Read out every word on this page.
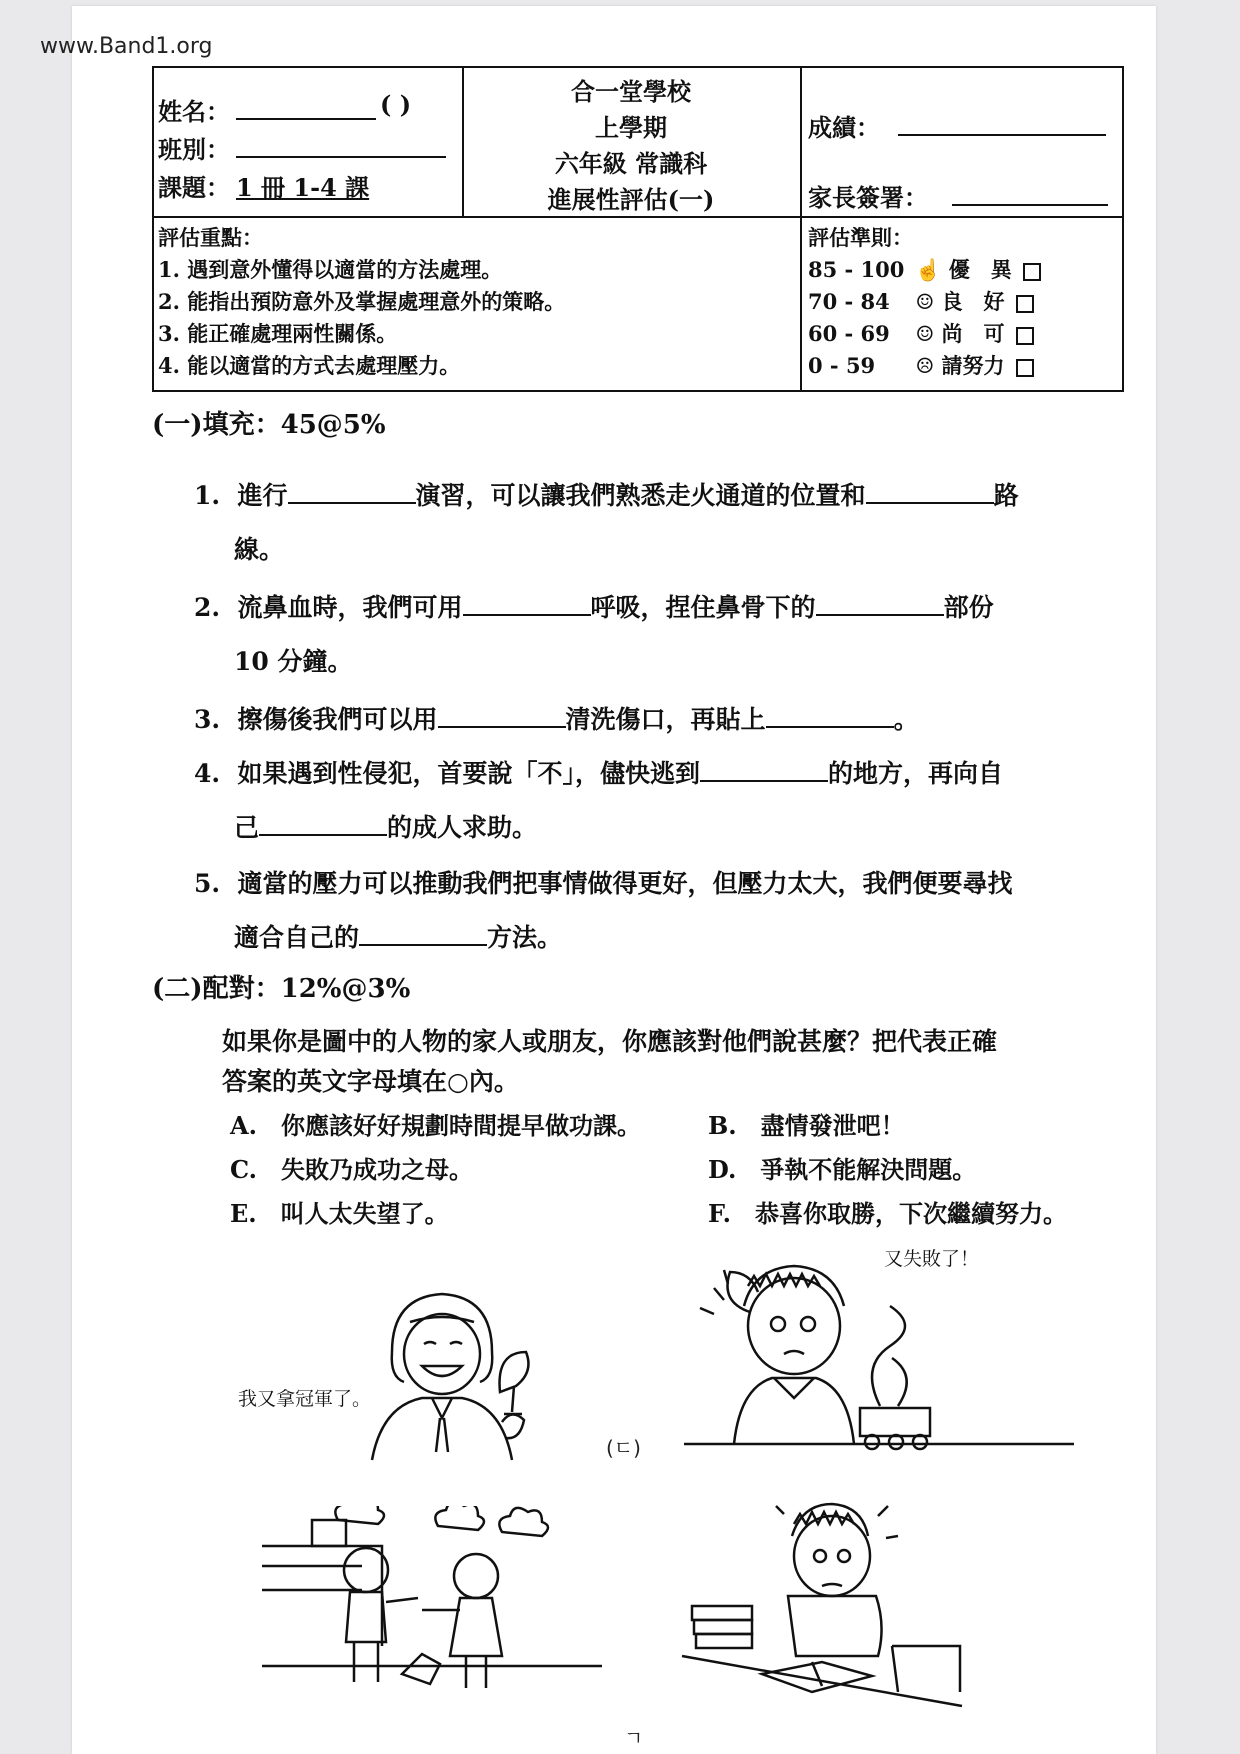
www.Band1.org
姓名：	( )
班別：
課題： 1 冊 1-4 課
合一堂學校
上學期
六年級 常識科
進展性評估(一)
成績：
家長簽署：
評估重點：
1. 遇到意外懂得以適當的方法處理。
2. 能指出預防意外及掌握處理意外的策略。
3. 能正確處理兩性關係。
4. 能以適當的方式去處理壓力。
評估準則：
85 - 100 ☝ 優　異
70 - 84 ☺ 良　好
60 - 69 ☺ 尚　可
0 - 59 ☹ 請努力
(一)填充：45@5%
1. 進行	演習，可以讓我們熟悉走火通道的位置和	路
線。
2. 流鼻血時，我們可用	呼吸，捏住鼻骨下的	部份
10 分鐘。
3. 擦傷後我們可以用	清洗傷口，再貼上	。
4. 如果遇到性侵犯，首要說「不」，儘快逃到	的地方，再向自
己	的成人求助。
5. 適當的壓力可以推動我們把事情做得更好，但壓力太大，我們便要尋找
適合自己的	方法。
(二)配對：12%@3%
如果你是圖中的人物的家人或朋友，你應該對他們說甚麼？把代表正確
答案的英文字母填在○內。
A.　你應該好好規劃時間提早做功課。	B.　盡情發泄吧！
C.　失敗乃成功之母。	D.　爭執不能解決問題。
E.　叫人太失望了。	F.　恭喜你取勝，下次繼續努力。
我又拿冠軍了。
(ㄷ)
又失敗了！
ㄱ
